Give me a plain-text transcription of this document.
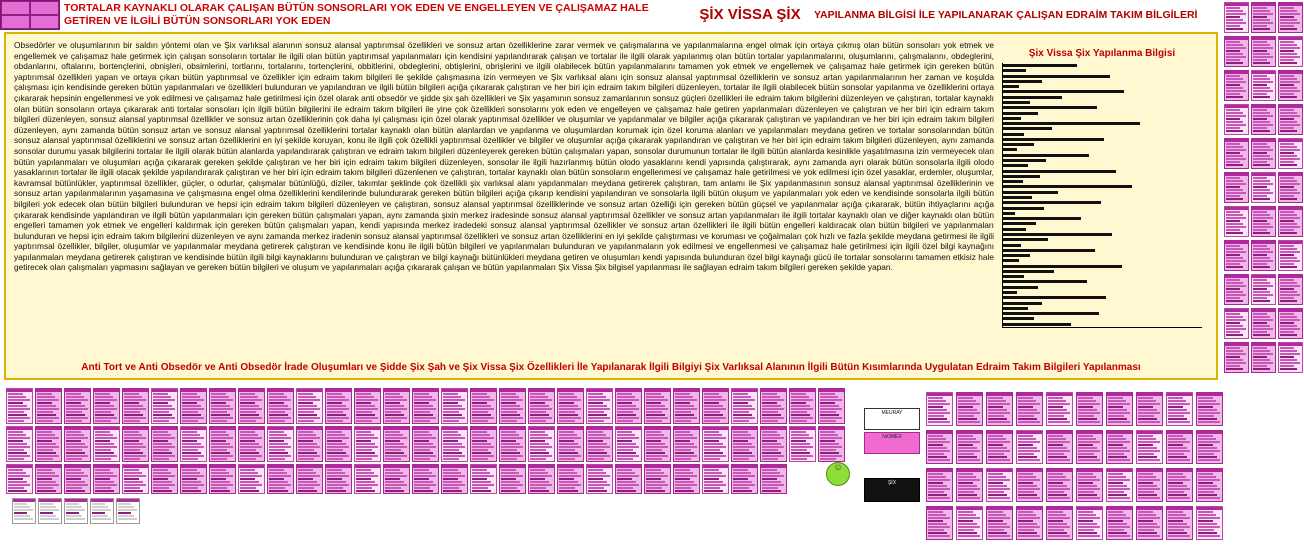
TORTALAR KAYNAKLI OLARAK ÇALIŞAN BÜTÜN SONSORLARI YOK EDEN VE ENGELLEYEN VE ÇALIŞAMAZ HALE GETİREN VE İLGİLİ BÜTÜN SONSORLARI YOK EDEN	ŞİX VİSSA ŞİX	YAPILANMA BİLGİSİ İLE YAPILANARAK ÇALIŞAN EDRAİM TAKIM BİLGİLERİ

Obsedörler ve oluşumlarının bir saldırı yöntemi olan ve Şix varlıksal alanının sonsuz alansal yaptırımsal özellikleri ve sonsuz artan özelliklerine zarar vermek ve çalışmalarına ve yapılanmalarına engel olmak için ortaya çıkmış olan bütün sonsoları yok etmek ve engellemek ve çalışamaz hale getirmek için çalışan sonsoların tortalar ile ilgili olan bütün yaptırımsal yapılanmaları için kendisini yapılandırarak çalışan ve tortalar ile ilgili olarak yapılanmış olan bütün tortalar yapılanmalarını, oluşumlarını, çalışmalarını, obdeglerini, obdanlarını, oftalarını, bortençlerini, obnişleri, obsimlerini, tortlarını, tortalarını, tortençlerini, obbitlerini, obdeglerini, obtişlerini, obrişlerini ve ilgili olabilecek bütün yapılanmalarını tamamen yok etmek ve engellemek ve çalışamaz hale getirmek için gereken bütün yaptırımsal özellikleri yapan ve ortaya çıkan bütün yaptırımsal ve özellikler için edraim takım bilgileri ile şekilde çalışmasına izin vermeyen ve Şix varlıksal alanı için sonsuz alansal yaptırımsal özelliklerin ve sonsuz artan yapılanmalarının her zaman ve koşulda çalışması için kendisinde gereken bütün yapılanmaları ve özellikleri bulunduran ve yapılandıran ve ilgili bütün bilgileri açığa çıkararak çalıştıran ve her biri için edraim takım bilgileri düzenleyen, tortalar ile ilgili olabilecek bütün sonsolar yapılanma ve özelliklerini ortaya çıkararak hepsinin engellenmesi ve yok edilmesi ve çalışamaz hale getirilmesi için özel olarak anti obsedör ve şidde şix şah özellikleri ve Şix yaşamının sonsuz zamanlarının sonsuz güçleri özellikleri ile edraim takım bilgilerini düzenleyen ve çalıştıran, tortalar kaynaklı olan bütün sonsoların ortaya çıkararak anti tortalar sonsoları için ilgili bütün bilgilerini ile edraim takım bilgileri ile yine çok özellikleri sonsolarını yok eden ve engelleyen ve çalışamaz hale getiren yapılanmaları düzenleyen ve çalıştıran ve her biri için edraim takım bilgileri düzenleyen, sonsuz alansal yaptırımsal özellikler ve sonsuz artan özelliklerinin çok daha iyi çalışması için özel olarak yaptırımsal özellikler ve oluşumlar ve yapılanmalar ve bilgiler açığa çıkararak çalıştıran ve yapılandıran ve her biri için edraim takım bilgileri düzenleyen, aynı zamanda bütün sonsuz artan ve sonsuz alansal yaptırımsal özelliklerini tortalar kaynaklı olan bütün alanlardan ve yapılanma ve oluşumlardan korumak için özel koruma alanları ve yapılanmaları meydana getiren ve tortalar sonsolarından bütün sonsuz alansal yaptırımsal özelliklerini ve sonsuz artan özelliklerini en iyi şekilde koruyan, konu ile ilgili çok özellikli yaptırımsal özellikler ve bilgiler ve oluşumlar açığa çıkararak yapılandıran ve çalıştıran ve her biri için edraim takım bilgileri düzenleyen, aynı zamanda sonsolar durumu yasak bilgilerini tortalar ile ilgili olarak bütün alanlarda yapılandırarak çalıştıran ve edraim takım bilgileri düzenleyerek gereken bütün çalışmaları yapan, sonsolar durumunun tortalar ile ilgili bütün alanlarda kesinlikle yaşatılmasına izin vermeyecek olan bütün yapılanmaları ve oluşumları açığa çıkararak gereken şekilde çalıştıran ve her biri için edraim takım bilgileri düzenleyen, sonsolar ile ilgili hazırlanmış bütün olodo yasaklarını kendi yapısında çalıştırarak, aynı zamanda ayrı olarak bütün sonsolarla ilgili olodo yasaklarının tortalar ile ilgili olacak şekilde yapılandırarak çalıştıran ve her biri için edraim takım bilgileri düzenlenen ve çalıştıran, tortalar kaynaklı olan bütün sonsoların engellenmesi ve çalışamaz hale getirilmesi ve yok edilmesi için özel yasaklar, erdemler, oluşumlar, kavramsal bütünlükler, yaptırımsal özellikler, güçler, o odurlar, çalışmalar bütünlüğü, diziler, takımlar şeklinde çok özellikli şix varlıksal alanı yapılanmaları meydana getirerek çalıştıran, tam anlamı ile Şix yapılanmasının sonsuz alansal yaptırımsal özelliklerinin ve sonsuz artan yapılanmalarının yaşamasına ve çalışmasına engel olma özelliklerini kendilerinde bulundurarak gereken bütün bilgileri açığa çıkarıp kendisini yapılandıran ve sonsolarla ilgili bütün oluşum ve yapılanmaları yok eden ve kendisinde sonsolarla ilgili bütün bilgileri yok edecek olan bütün bilgileri bulunduran ve hepsi için edraim takım bilgileri düzenleyen ve çalıştıran, sonsuz alansal yaptırımsal özelliklerinde ve sonsuz artan özelliği için gereken bütün güçsel ve yapılanmalar açığa çıkararak, bütün ihtiyaçlarını açığa çıkararak kendisinde yapılandıran ve ilgili bütün yapılanmaları için gereken bütün çalışmaları yapan, aynı zamanda şixin merkez iradesinde sonsuz alansal yaptırımsal özellikler ve sonsuz artan yapılanmaları ile ilgili tortalar kaynaklı olan ve diğer kaynaklı olan bütün engelleri tamamen yok etmek ve engelleri kaldırmak için gereken bütün çalışmaları yapan, kendi yapısında merkez iradedeki sonsuz alansal yaptırımsal özellikler ve sonsuz artan özellikleri ile ilgili bütün engelleri kaldıracak olan bütün bilgileri ve yapılanmaları bulunduran ve hepsi için edraim takım bilgilerini düzenleyen ve aynı zamanda merkez iradenin sonsuz alansal yaptırımsal özellikleri ve sonsuz artan özelliklerini en iyi şekilde çalıştırması ve koruması ve çoğalmaları çok hızlı ve fazla şekilde meydana getirmesi ile ilgili yaptırımsal özellikler, bilgiler, oluşumlar ve yapılanmalar meydana getirerek çalıştıran ve kendisinde konu ile ilgili bütün bilgileri ve yapılanmaları bulunduran ve yapılanmaların yok edilmesi ve engellenmesi ve çalışamaz hale getirilmesi için ilgili özel bilgi kaynağını yapılanmaları meydana getirerek çalıştıran ve kendisinde bütün ilgili bilgi kaynaklarını bulunduran ve çalıştıran ve bilgi kaynağı bütünlükleri meydana getiren ve oluşumları kendi yapısında bulunduran özel bilgi kaynağı gücü ile tortalar sonsolarını tamamen etkisiz hale getirecek olan çalışmaları yapmasını sağlayan ve gereken bütün bilgileri ve oluşum ve yapılanmaları açığa çıkararak çalışan ve bütün yapılanmaları Şix Vissa Şix bilgisel yapılanması ile sağlayan edraim takım bilgileri gereken şekilde yapan.

Şix Vissa Şix Yapılanma Bilgisi
Anti Tort ve Anti Obsedör ve Anti Obsedör İrade Oluşumları ve Şidde Şix Şah ve Şix Vissa Şix Özellikleri İle Yapılanarak İlgili Bilgiyi Şix Varlıksal Alanının İlgili Bütün Kısımlarında Uygulatan Edraim Takım Bilgileri Yapılanması
MEURAY
NiOMEX
ŞİX
☺
